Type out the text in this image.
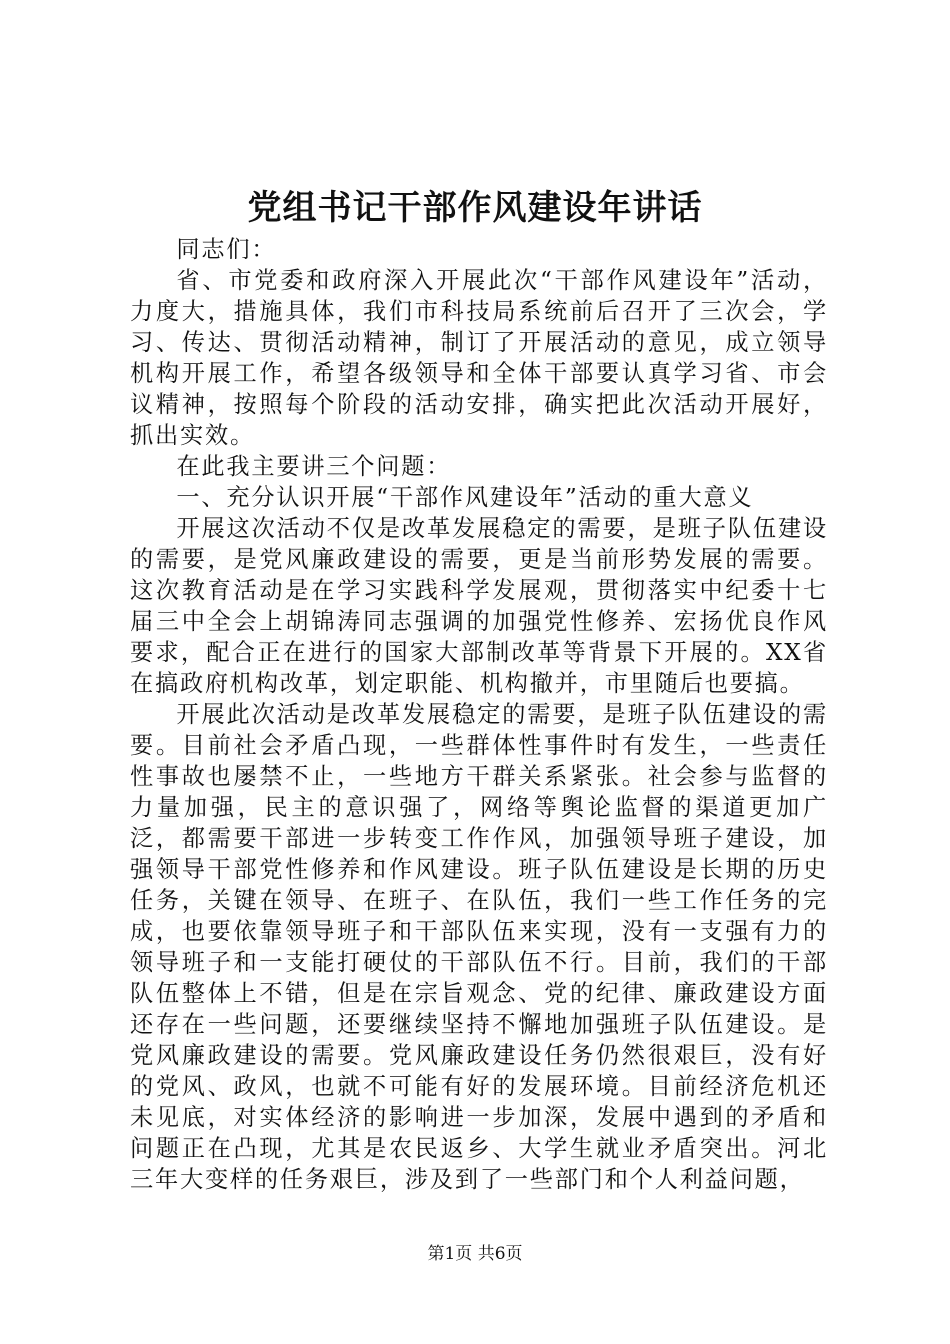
党组书记干部作风建设年讲话

同志们：

省、市党委和政府深入开展此次“干部作风建设年”活动，力度大，措施具体，我们市科技局系统前后召开了三次会，学习、传达、贯彻活动精神，制订了开展活动的意见，成立领导机构开展工作，希望各级领导和全体干部要认真学习省、市会议精神，按照每个阶段的活动安排，确实把此次活动开展好，抓出实效。

在此我主要讲三个问题：

一、充分认识开展“干部作风建设年”活动的重大意义

开展这次活动不仅是改革发展稳定的需要，是班子队伍建设的需要，是党风廉政建设的需要，更是当前形势发展的需要。这次教育活动是在学习实践科学发展观，贯彻落实中纪委十七届三中全会上胡锦涛同志强调的加强党性修养、宏扬优良作风要求，配合正在进行的国家大部制改革等背景下开展的。XX省在搞政府机构改革，划定职能、机构撤并，市里随后也要搞。

开展此次活动是改革发展稳定的需要，是班子队伍建设的需要。目前社会矛盾凸现，一些群体性事件时有发生，一些责任性事故也屡禁不止，一些地方干群关系紧张。社会参与监督的力量加强，民主的意识强了，网络等舆论监督的渠道更加广泛，都需要干部进一步转变工作作风，加强领导班子建设，加强领导干部党性修养和作风建设。班子队伍建设是长期的历史任务，关键在领导、在班子、在队伍，我们一些工作任务的完成，也要依靠领导班子和干部队伍来实现，没有一支强有力的领导班子和一支能打硬仗的干部队伍不行。目前，我们的干部队伍整体上不错，但是在宗旨观念、党的纪律、廉政建设方面还存在一些问题，还要继续坚持不懈地加强班子队伍建设。是党风廉政建设的需要。党风廉政建设任务仍然很艰巨，没有好的党风、政风，也就不可能有好的发展环境。目前经济危机还未见底，对实体经济的影响进一步加深，发展中遇到的矛盾和问题正在凸现，尤其是农民返乡、大学生就业矛盾突出。河北三年大变样的任务艰巨，涉及到了一些部门和个人利益问题，

第1页 共6页
